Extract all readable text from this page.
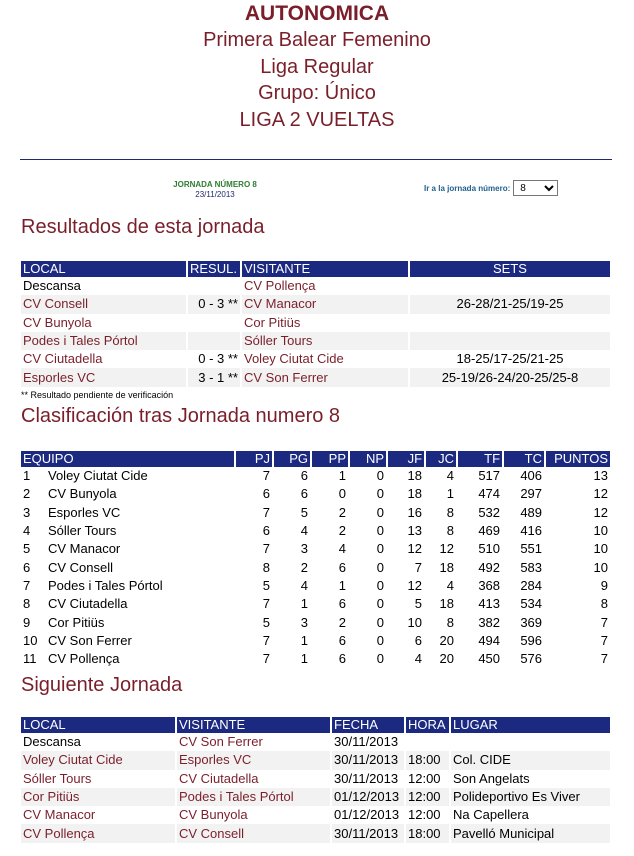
AUTONOMICA
Primera Balear Femenino
Liga Regular
Grupo: Único
LIGA 2 VUELTAS
JORNADA NÚMERO 8
23/11/2013
Ir a la jornada número:
8
Resultados de esta jornada
LOCAL	RESUL.	VISITANTE	SETS
Descansa		CV Pollença	
CV Consell	0 - 3 **	CV Manacor	26-28/21-25/19-25
CV Bunyola		Cor Pitiüs	
Podes i Tales Pórtol		Sóller Tours	
CV Ciutadella	0 - 3 **	Voley Ciutat Cide	18-25/17-25/21-25
Esporles VC	3 - 1 **	CV Son Ferrer	25-19/26-24/20-25/25-8
** Resultado pendiente de verificación
Clasificación tras Jornada numero 8
EQUIPO		PJ	PG	PP	NP	JF	JC	TF	TC	PUNTOS
1	Voley Ciutat Cide	7	6	1	0	18	4	517	406	13
2	CV Bunyola	6	6	0	0	18	1	474	297	12
3	Esporles VC	7	5	2	0	16	8	532	489	12
4	Sóller Tours	6	4	2	0	13	8	469	416	10
5	CV Manacor	7	3	4	0	12	12	510	551	10
6	CV Consell	8	2	6	0	7	18	492	583	10
7	Podes i Tales Pórtol	5	4	1	0	12	4	368	284	9
8	CV Ciutadella	7	1	6	0	5	18	413	534	8
9	Cor Pitiüs	5	3	2	0	10	8	382	369	7
10	CV Son Ferrer	7	1	6	0	6	20	494	596	7
11	CV Pollença	7	1	6	0	4	20	450	576	7
Siguiente Jornada
LOCAL	VISITANTE	FECHA	HORA	LUGAR
Descansa	CV Son Ferrer	30/11/2013		
Voley Ciutat Cide	Esporles VC	30/11/2013	18:00	Col. CIDE
Sóller Tours	CV Ciutadella	30/11/2013	12:00	Son Angelats
Cor Pitiüs	Podes i Tales Pórtol	01/12/2013	12:00	Polideportivo Es Viver
CV Manacor	CV Bunyola	01/12/2013	12:00	Na Capellera
CV Pollença	CV Consell	30/11/2013	18:00	Pavelló Municipal
